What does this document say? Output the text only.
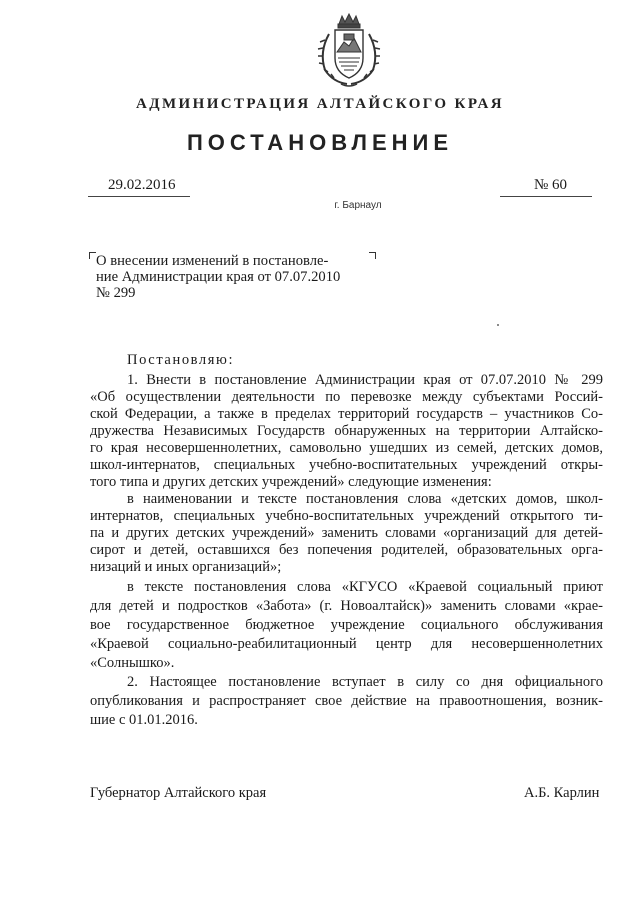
АДМИНИСТРАЦИЯ АЛТАЙСКОГО КРАЯ
ПОСТАНОВЛЕНИЕ
29.02.2016	№ 60
г. Барнаул
О внесении изменений в постановле-
ние Администрации края от 07.07.2010
№ 299
Постановляю:
1. Внести в постановление Администрации края от 07.07.2010 № 299
«Об осуществлении деятельности по перевозке между субъектами Россий-
ской Федерации, а также в пределах территорий государств – участников Со-
дружества Независимых Государств обнаруженных на территории Алтайско-
го края несовершеннолетних, самовольно ушедших из семей, детских домов,
школ-интернатов, специальных учебно-воспитательных учреждений откры-
того типа и других детских учреждений» следующие изменения:
в наименовании и тексте постановления слова «детских домов, школ-
интернатов, специальных учебно-воспитательных учреждений открытого ти-
па и других детских учреждений» заменить словами «организаций для детей-
сирот и детей, оставшихся без попечения родителей, образовательных орга-
низаций и иных организаций»;
в тексте постановления слова «КГУСО «Краевой социальный приют
для детей и подростков «Забота» (г. Новоалтайск)» заменить словами «крае-
вое государственное бюджетное учреждение социального обслуживания
«Краевой социально-реабилитационный центр для несовершеннолетних
«Солнышко».
2. Настоящее постановление вступает в силу со дня официального
опубликования и распространяет свое действие на правоотношения, возник-
шие с 01.01.2016.
Губернатор Алтайского края	А.Б. Карлин
